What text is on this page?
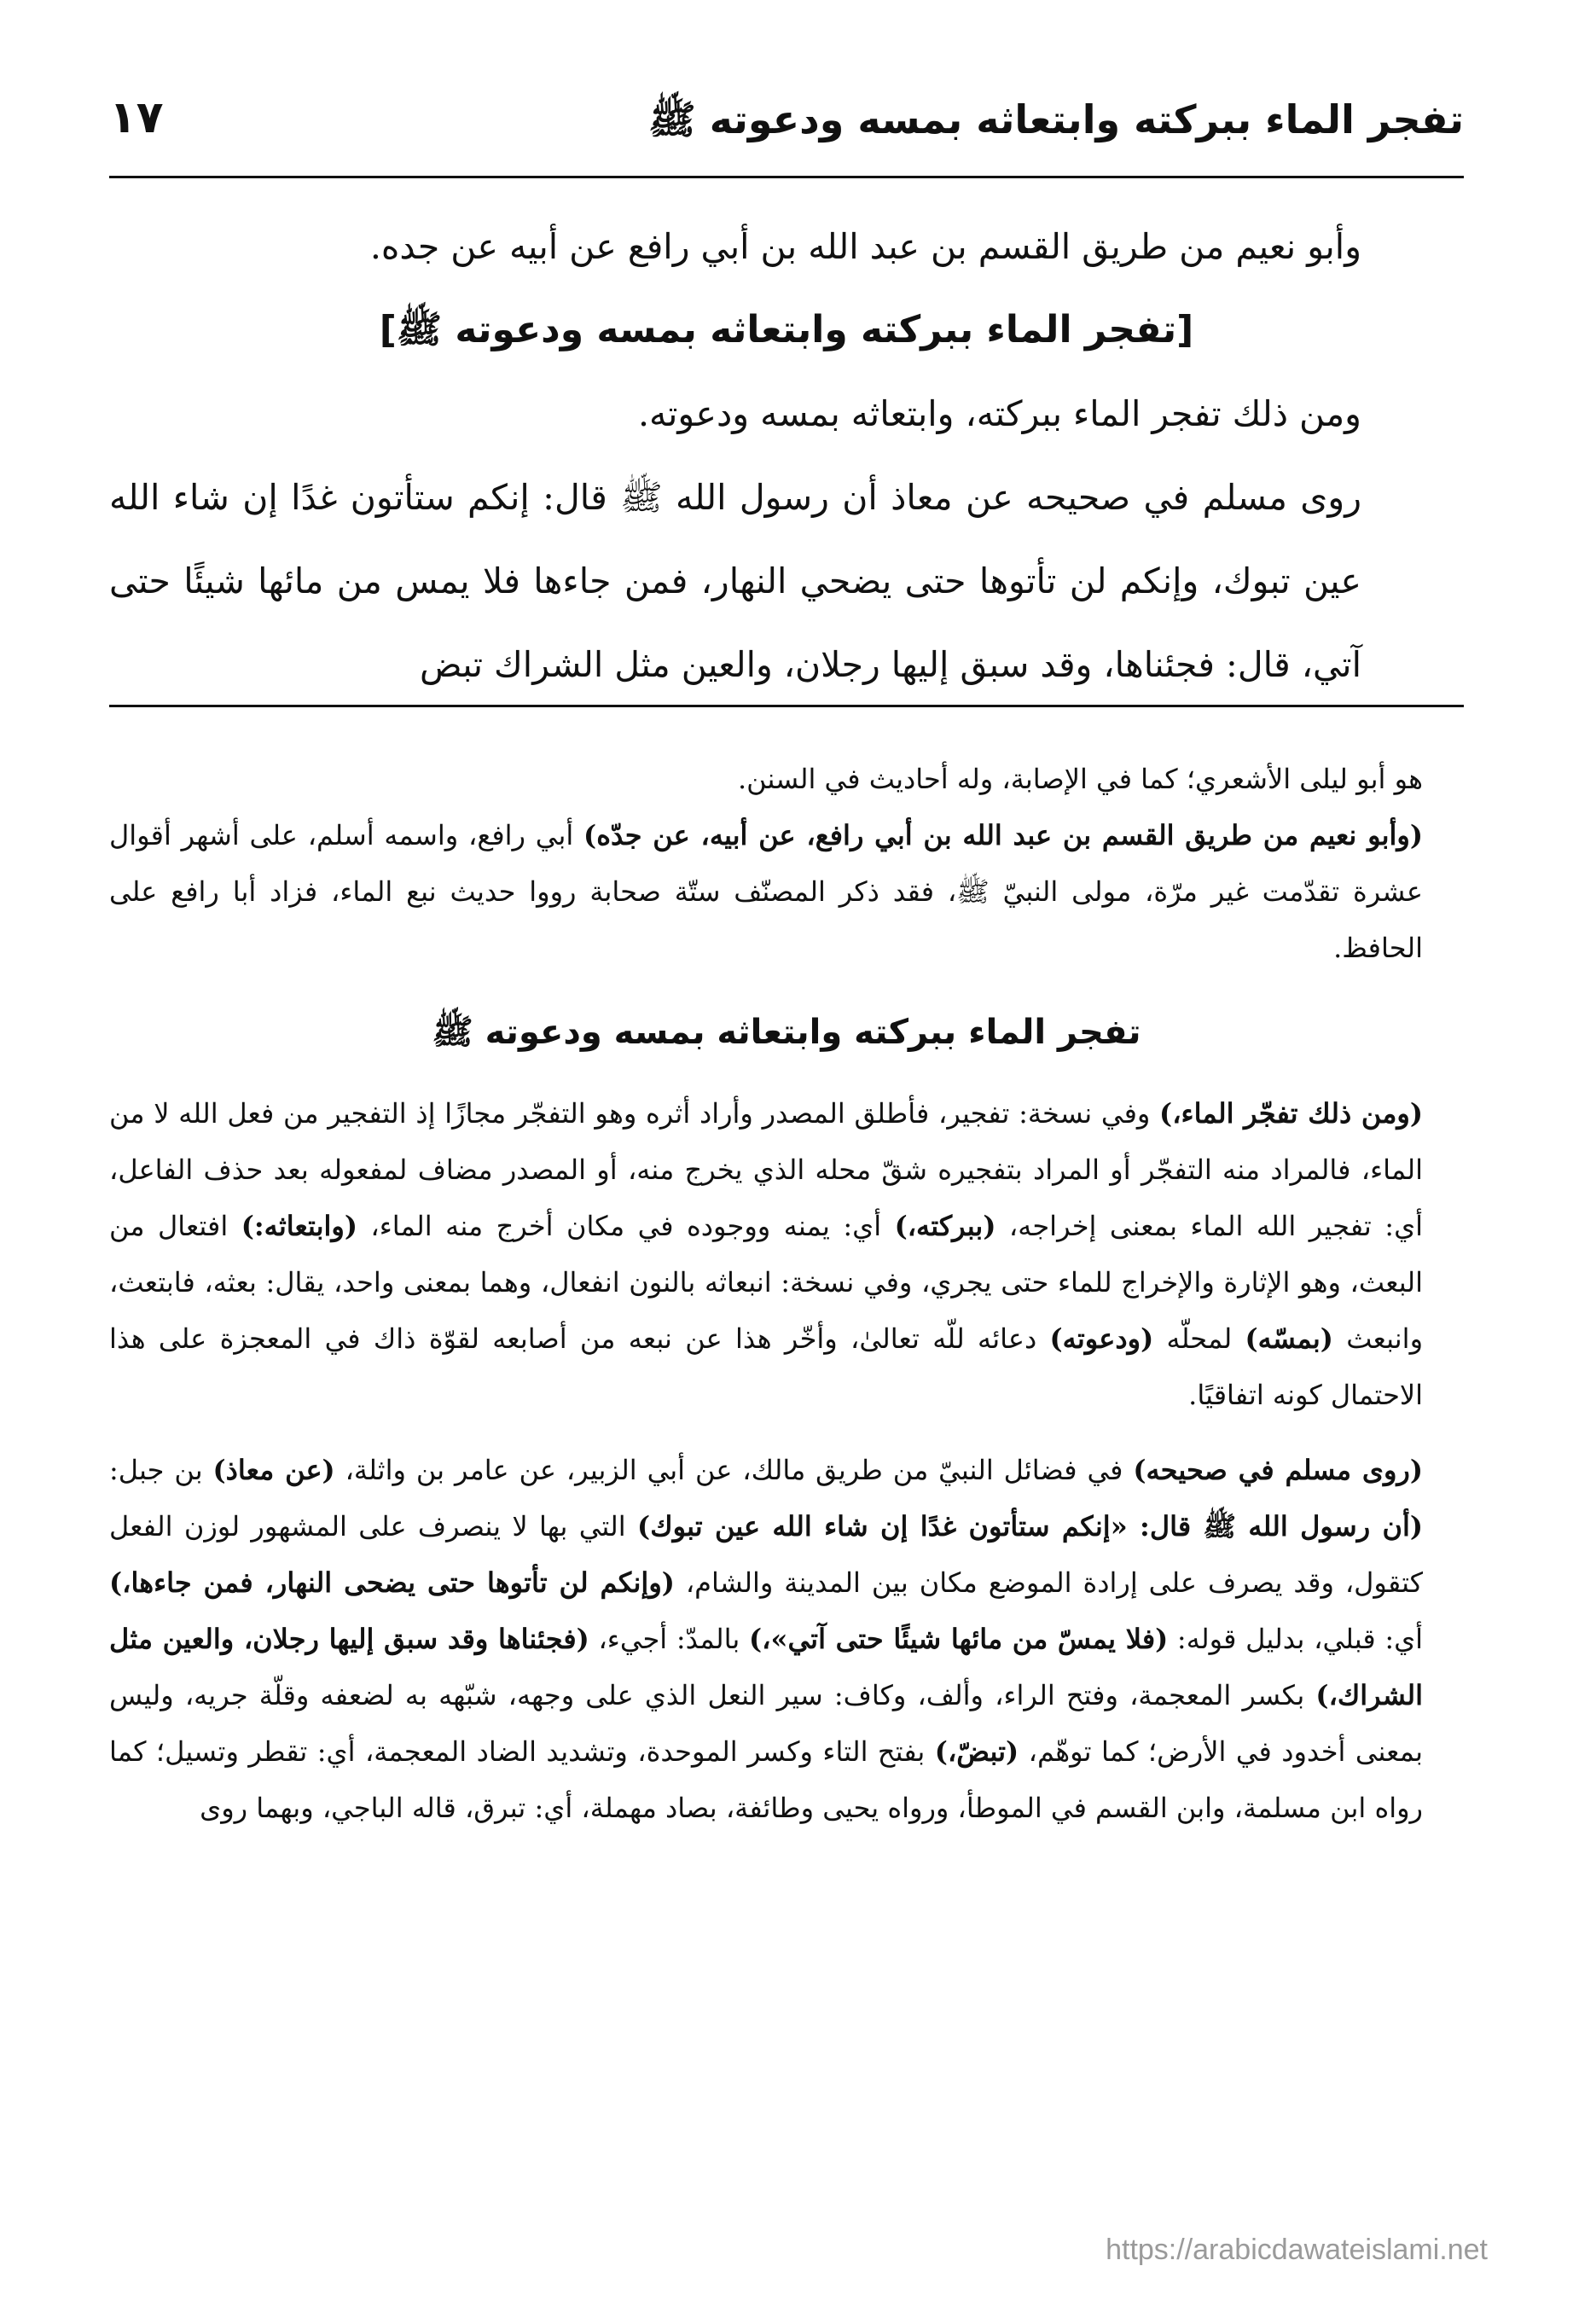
تفجر الماء ببركته وابتعاثه بمسه ودعوته ﷺ
١٧

وأبو نعيم من طريق القسم بن عبد الله بن أبي رافع عن أبيه عن جده.

[تفجر الماء ببركته وابتعاثه بمسه ودعوته ﷺ]

ومن ذلك تفجر الماء ببركته، وابتعاثه بمسه ودعوته.

روى مسلم في صحيحه عن معاذ أن رسول الله ﷺ قال: إنكم ستأتون غدًا إن شاء الله عين تبوك، وإنكم لن تأتوها حتى يضحي النهار، فمن جاءها فلا يمس من مائها شيئًا حتى آتي، قال: فجئناها، وقد سبق إليها رجلان، والعين مثل الشراك تبض

هو أبو ليلى الأشعري؛ كما في الإصابة، وله أحاديث في السنن.

(وأبو نعيم من طريق القسم بن عبد الله بن أبي رافع، عن أبيه، عن جدّه) أبي رافع، واسمه أسلم، على أشهر أقوال عشرة تقدّمت غير مرّة، مولى النبيّ ﷺ، فقد ذكر المصنّف ستّة صحابة رووا حديث نبع الماء، فزاد أبا رافع على الحافظ.

تفجر الماء ببركته وابتعاثه بمسه ودعوته ﷺ

(ومن ذلك تفجّر الماء،) وفي نسخة: تفجير، فأطلق المصدر وأراد أثره وهو التفجّر مجازًا إذ التفجير من فعل الله لا من الماء، فالمراد منه التفجّر أو المراد بتفجيره شقّ محله الذي يخرج منه، أو المصدر مضاف لمفعوله بعد حذف الفاعل، أي: تفجير الله الماء بمعنى إخراجه، (ببركته،) أي: يمنه ووجوده في مكان أخرج منه الماء، (وابتعاثه:) افتعال من البعث، وهو الإثارة والإخراج للماء حتى يجري، وفي نسخة: انبعاثه بالنون انفعال، وهما بمعنى واحد، يقال: بعثه، فابتعث، وانبعث (بمسّه) لمحلّه (ودعوته) دعائه للّه تعالىٰ، وأخّر هذا عن نبعه من أصابعه لقوّة ذاك في المعجزة على هذا الاحتمال كونه اتفاقيًا.

(روى مسلم في صحيحه) في فضائل النبيّ من طريق مالك، عن أبي الزبير، عن عامر بن واثلة، (عن معاذ) بن جبل: (أن رسول الله ﷺ قال: «إنكم ستأتون غدًا إن شاء الله عين تبوك) التي بها لا ينصرف على المشهور لوزن الفعل كتقول، وقد يصرف على إرادة الموضع مكان بين المدينة والشام، (وإنكم لن تأتوها حتى يضحى النهار، فمن جاءها،) أي: قبلي، بدليل قوله: (فلا يمسّ من مائها شيئًا حتى آتي»،) بالمدّ: أجيء، (فجئناها وقد سبق إليها رجلان، والعين مثل الشراك،) بكسر المعجمة، وفتح الراء، وألف، وكاف: سير النعل الذي على وجهه، شبّهه به لضعفه وقلّة جريه، وليس بمعنى أخدود في الأرض؛ كما توهّم، (تبضّ،) بفتح التاء وكسر الموحدة، وتشديد الضاد المعجمة، أي: تقطر وتسيل؛ كما رواه ابن مسلمة، وابن القسم في الموطأ، ورواه يحيى وطائفة، بصاد مهملة، أي: تبرق، قاله الباجي، وبهما روى

https://arabicdawateislami.net
